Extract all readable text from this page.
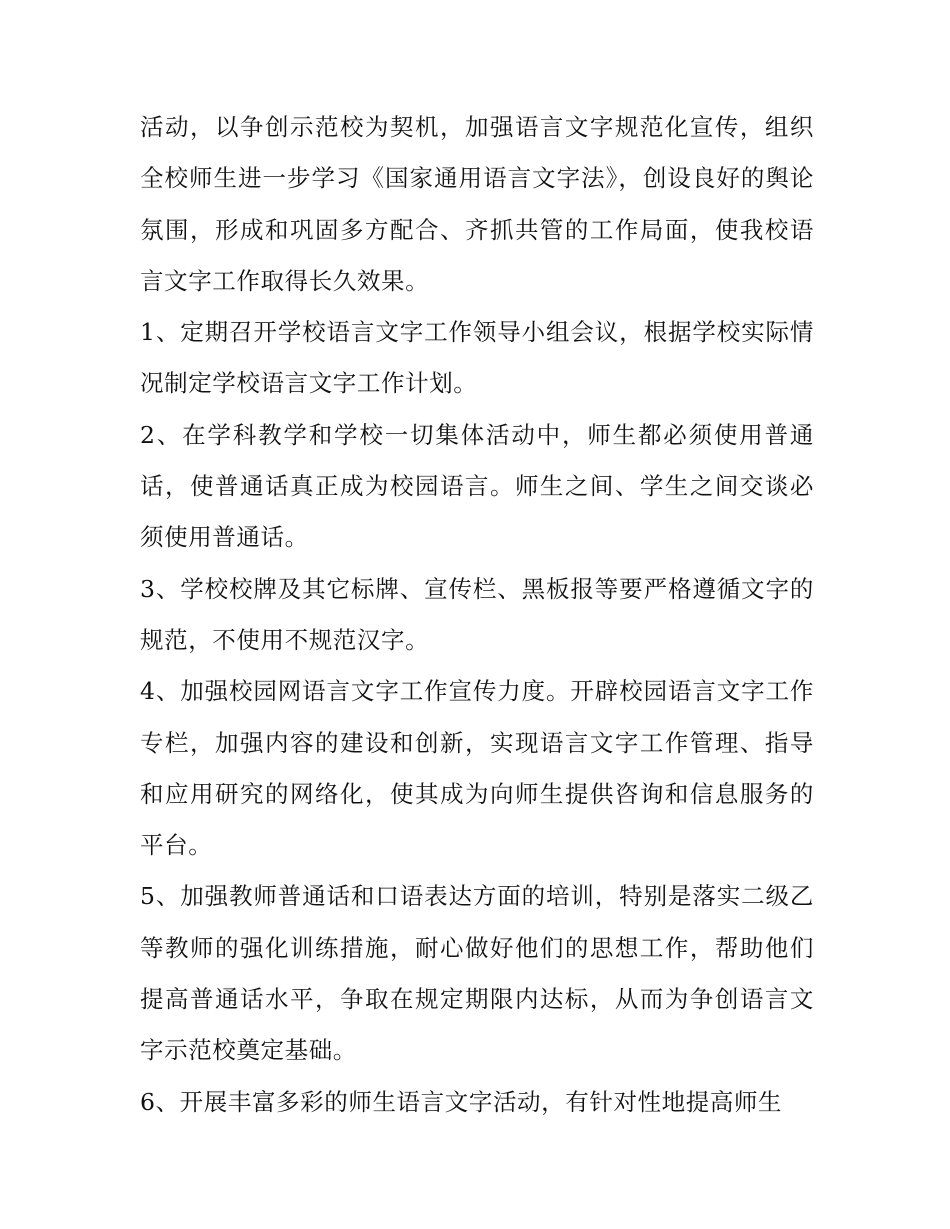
活动，以争创示范校为契机，加强语言文字规范化宣传，组织全校师生进一步学习《国家通用语言文字法》，创设良好的舆论氛围，形成和巩固多方配合、齐抓共管的工作局面，使我校语言文字工作取得长久效果。

1、定期召开学校语言文字工作领导小组会议，根据学校实际情况制定学校语言文字工作计划。

2、在学科教学和学校一切集体活动中，师生都必须使用普通话，使普通话真正成为校园语言。师生之间、学生之间交谈必须使用普通话。

3、学校校牌及其它标牌、宣传栏、黑板报等要严格遵循文字的规范，不使用不规范汉字。

4、加强校园网语言文字工作宣传力度。开辟校园语言文字工作专栏，加强内容的建设和创新，实现语言文字工作管理、指导和应用研究的网络化，使其成为向师生提供咨询和信息服务的平台。

5、加强教师普通话和口语表达方面的培训，特别是落实二级乙等教师的强化训练措施，耐心做好他们的思想工作，帮助他们提高普通话水平，争取在规定期限内达标，从而为争创语言文字示范校奠定基础。

6、开展丰富多彩的师生语言文字活动，有针对性地提高师生
